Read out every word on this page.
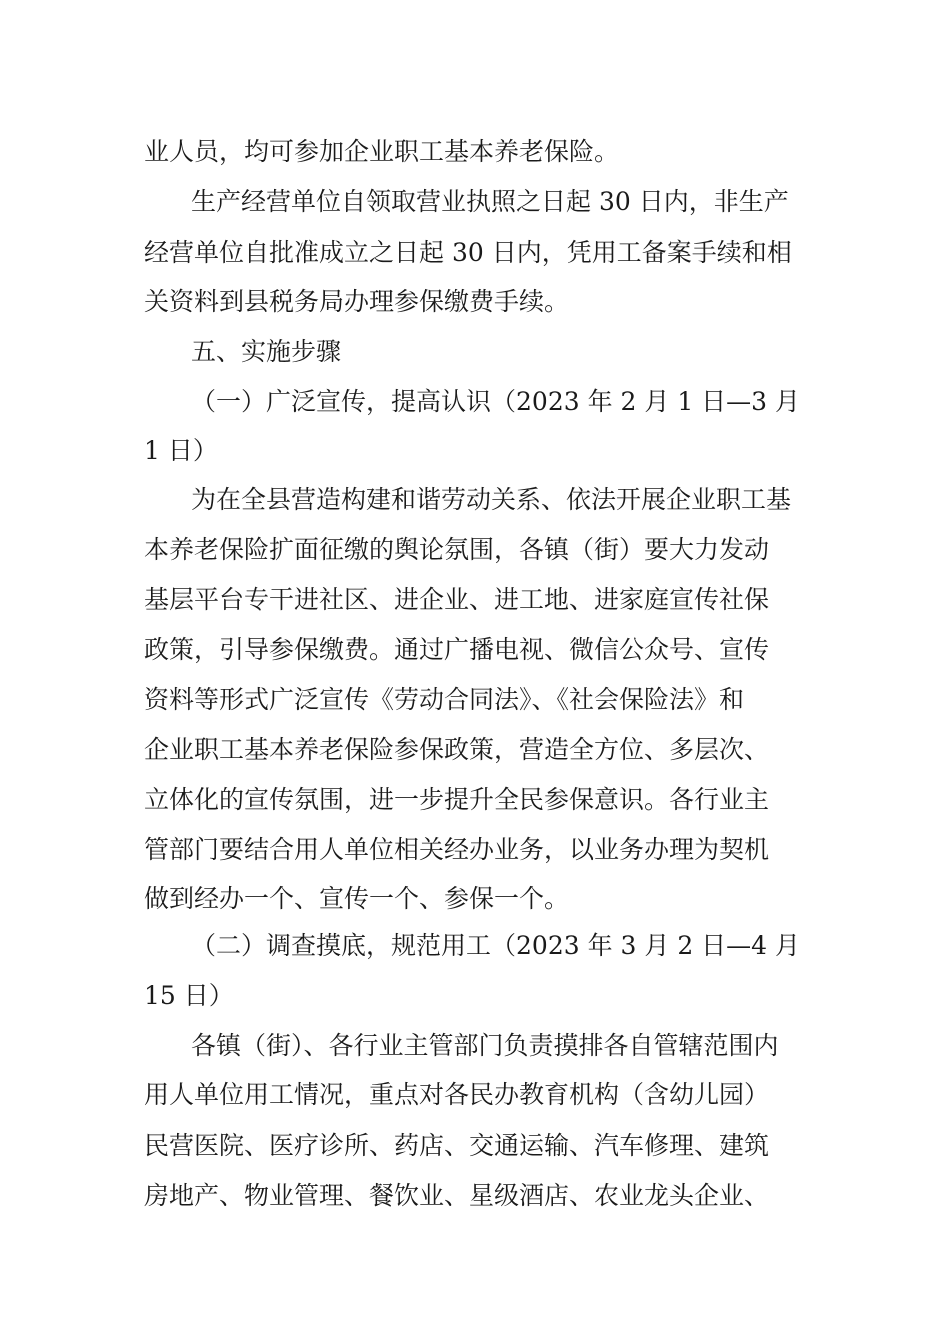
业人员，均可参加企业职工基本养老保险。
生产经营单位自领取营业执照之日起 30 日内，非生产
经营单位自批准成立之日起 30 日内，凭用工备案手续和相
关资料到县税务局办理参保缴费手续。
五、实施步骤
（一）广泛宣传，提高认识（2023 年 2 月 1 日—3 月
1 日）
为在全县营造构建和谐劳动关系、依法开展企业职工基
本养老保险扩面征缴的舆论氛围，各镇（街）要大力发动
基层平台专干进社区、进企业、进工地、进家庭宣传社保
政策，引导参保缴费。通过广播电视、微信公众号、宣传
资料等形式广泛宣传《劳动合同法》、《社会保险法》和
企业职工基本养老保险参保政策，营造全方位、多层次、
立体化的宣传氛围，进一步提升全民参保意识。各行业主
管部门要结合用人单位相关经办业务，以业务办理为契机
做到经办一个、宣传一个、参保一个。
（二）调查摸底，规范用工（2023 年 3 月 2 日—4 月
15 日）
各镇（街）、各行业主管部门负责摸排各自管辖范围内
用人单位用工情况，重点对各民办教育机构（含幼儿园）
民营医院、医疗诊所、药店、交通运输、汽车修理、建筑
房地产、物业管理、餐饮业、星级酒店、农业龙头企业、
